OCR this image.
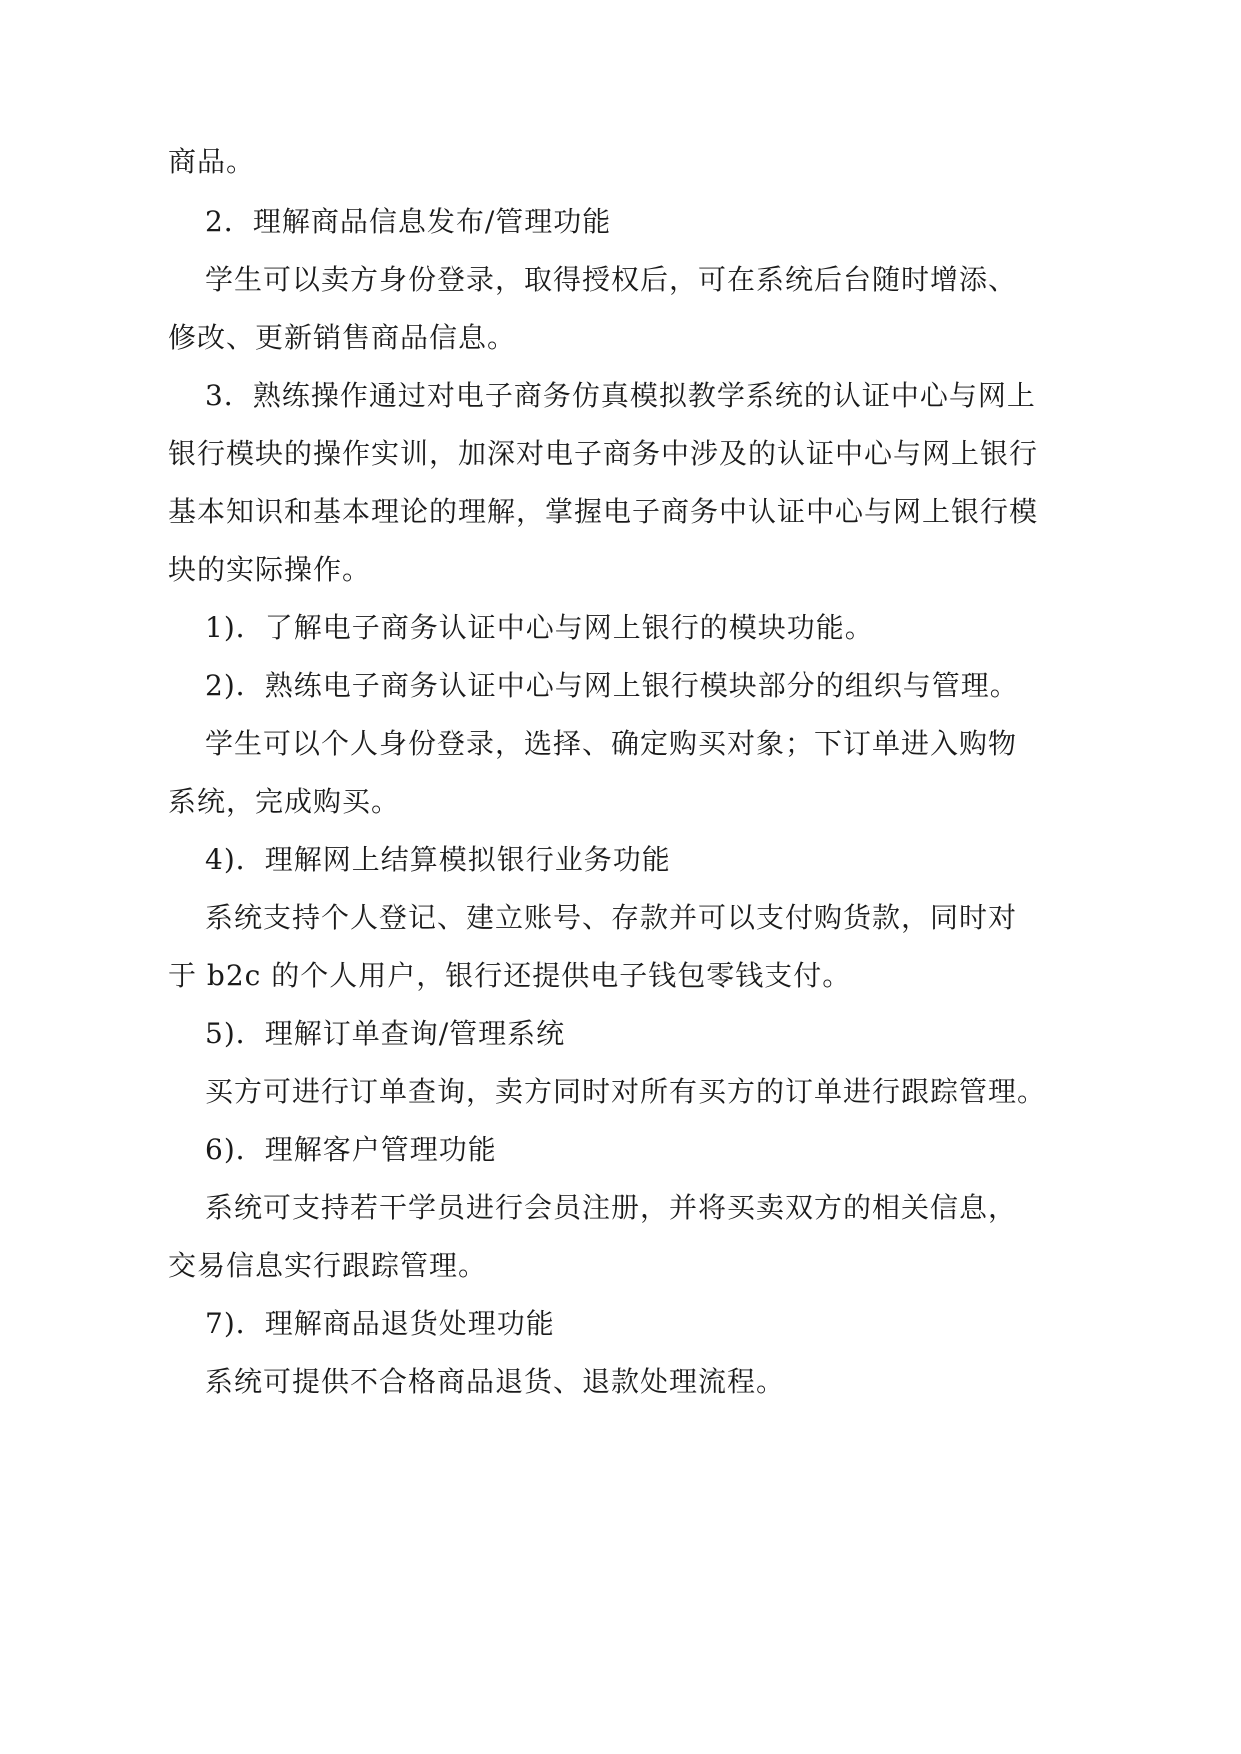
商品。
2．理解商品信息发布/管理功能
学生可以卖方身份登录，取得授权后，可在系统后台随时增添、
修改、更新销售商品信息。
3．熟练操作通过对电子商务仿真模拟教学系统的认证中心与网上
银行模块的操作实训，加深对电子商务中涉及的认证中心与网上银行
基本知识和基本理论的理解，掌握电子商务中认证中心与网上银行模
块的实际操作。
1)．了解电子商务认证中心与网上银行的模块功能。
2)．熟练电子商务认证中心与网上银行模块部分的组织与管理。
学生可以个人身份登录，选择、确定购买对象；下订单进入购物
系统，完成购买。
4)．理解网上结算模拟银行业务功能
系统支持个人登记、建立账号、存款并可以支付购货款，同时对
于 b2c 的个人用户，银行还提供电子钱包零钱支付。
5)．理解订单查询/管理系统
买方可进行订单查询，卖方同时对所有买方的订单进行跟踪管理。
6)．理解客户管理功能
系统可支持若干学员进行会员注册，并将买卖双方的相关信息，
交易信息实行跟踪管理。
7)．理解商品退货处理功能
系统可提供不合格商品退货、退款处理流程。
